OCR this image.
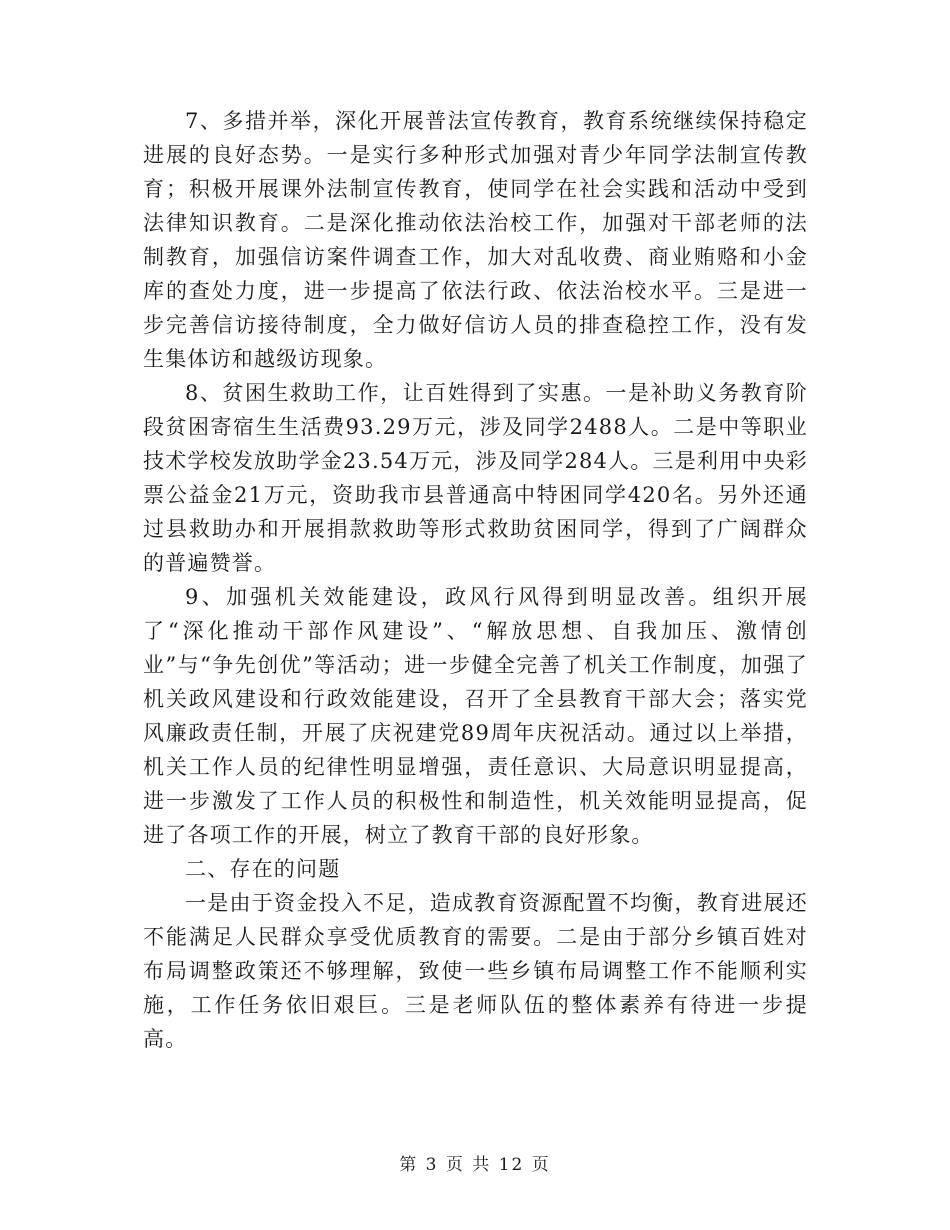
7、多措并举，深化开展普法宣传教育，教育系统继续保持稳定进展的良好态势。一是实行多种形式加强对青少年同学法制宣传教育；积极开展课外法制宣传教育，使同学在社会实践和活动中受到法律知识教育。二是深化推动依法治校工作，加强对干部老师的法制教育，加强信访案件调查工作，加大对乱收费、商业贿赂和小金库的查处力度，进一步提高了依法行政、依法治校水平。三是进一步完善信访接待制度，全力做好信访人员的排查稳控工作，没有发生集体访和越级访现象。

8、贫困生救助工作，让百姓得到了实惠。一是补助义务教育阶段贫困寄宿生生活费93.29万元，涉及同学2488人。二是中等职业技术学校发放助学金23.54万元，涉及同学284人。三是利用中央彩票公益金21万元，资助我市县普通高中特困同学420名。另外还通过县救助办和开展捐款救助等形式救助贫困同学，得到了广阔群众的普遍赞誉。

9、加强机关效能建设，政风行风得到明显改善。组织开展了“深化推动干部作风建设”、“解放思想、自我加压、激情创业”与“争先创优”等活动；进一步健全完善了机关工作制度，加强了机关政风建设和行政效能建设，召开了全县教育干部大会；落实党风廉政责任制，开展了庆祝建党89周年庆祝活动。通过以上举措，机关工作人员的纪律性明显增强，责任意识、大局意识明显提高，进一步激发了工作人员的积极性和制造性，机关效能明显提高，促进了各项工作的开展，树立了教育干部的良好形象。

二、存在的问题

一是由于资金投入不足，造成教育资源配置不均衡，教育进展还不能满足人民群众享受优质教育的需要。二是由于部分乡镇百姓对布局调整政策还不够理解，致使一些乡镇布局调整工作不能顺利实施，工作任务依旧艰巨。三是老师队伍的整体素养有待进一步提高。

第 3 页 共 12 页
